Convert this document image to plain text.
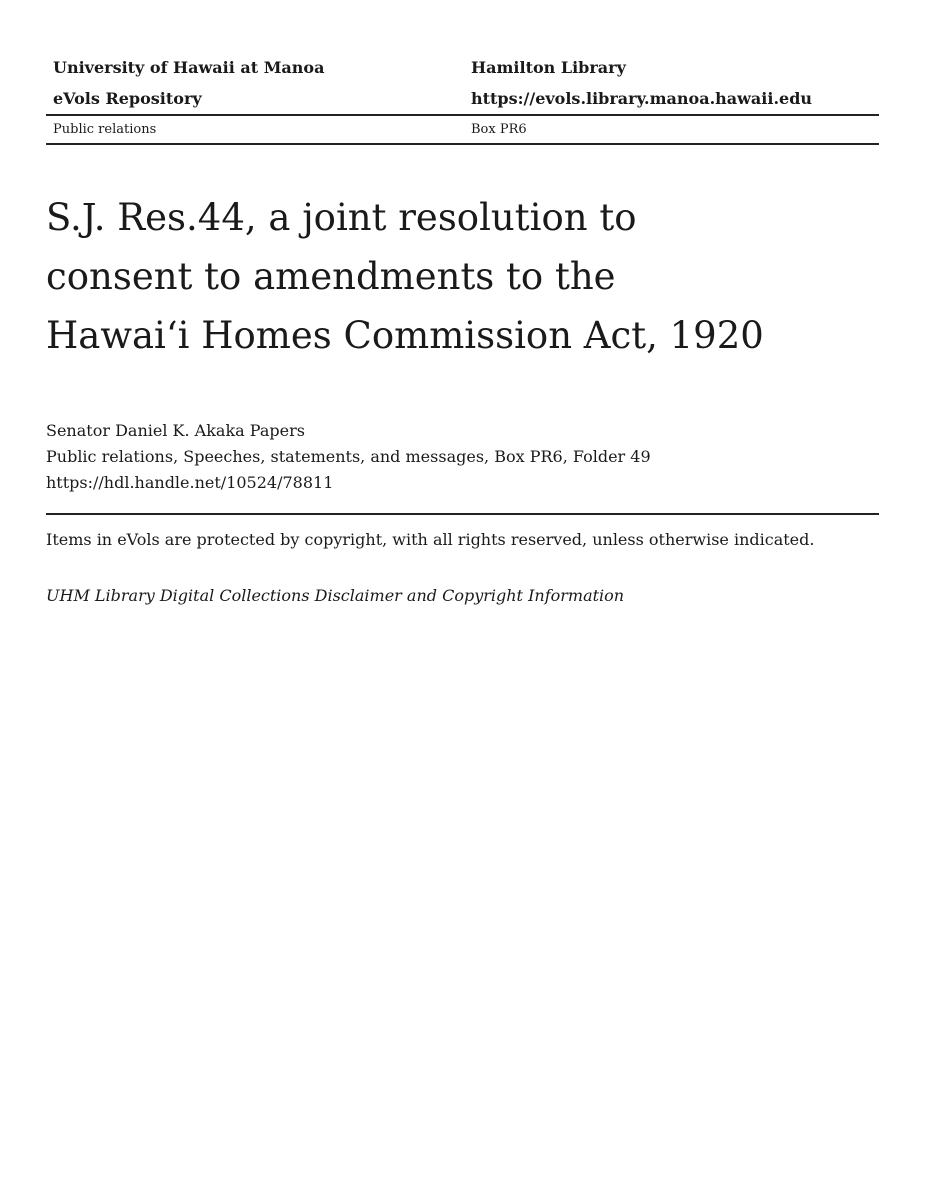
University of Hawaii at Manoa	Hamilton Library
eVols Repository	https://evols.library.manoa.hawaii.edu
Public relations	Box PR6
S.J. Res.44, a joint resolution to
consent to amendments to the
Hawai‘i Homes Commission Act, 1920
Senator Daniel K. Akaka Papers
Public relations, Speeches, statements, and messages, Box PR6, Folder 49
https://hdl.handle.net/10524/78811
Items in eVols are protected by copyright, with all rights reserved, unless otherwise indicated.
UHM Library Digital Collections Disclaimer and Copyright Information
